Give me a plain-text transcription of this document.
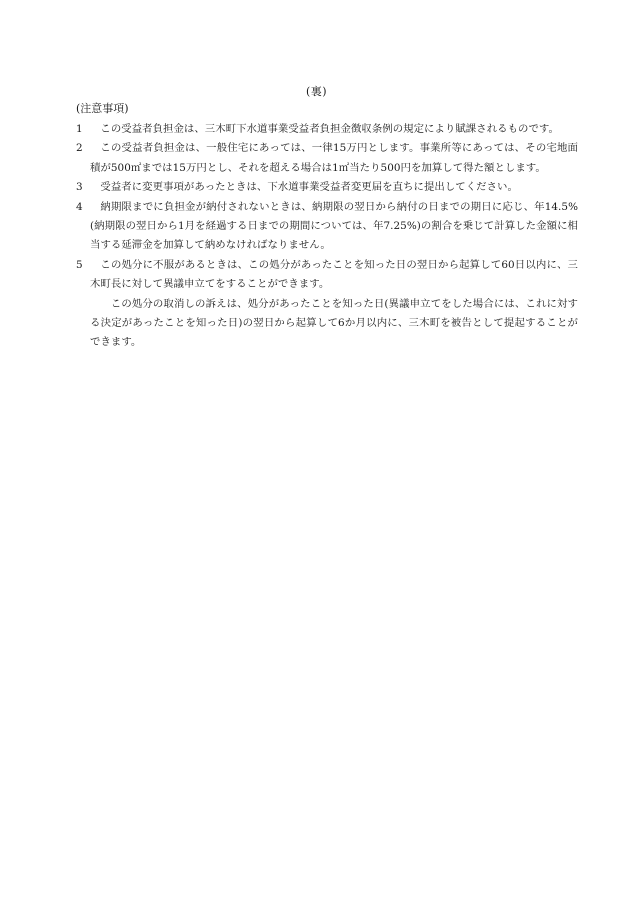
(裏)
(注意事項)
1	この受益者負担金は、三木町下水道事業受益者負担金徴収条例の規定により賦課されるものです。
2	この受益者負担金は、一般住宅にあっては、一律15万円とします。事業所等にあっては、その宅地面積が500㎡までは15万円とし、それを超える場合は1㎡当たり500円を加算して得た額とします。
3	受益者に変更事項があったときは、下水道事業受益者変更届を直ちに提出してください。
4	納期限までに負担金が納付されないときは、納期限の翌日から納付の日までの期日に応じ、年14.5%(納期限の翌日から1月を経過する日までの期間については、年7.25%)の割合を乗じて計算した金額に相当する延滞金を加算して納めなければなりません。
5	この処分に不服があるときは、この処分があったことを知った日の翌日から起算して60日以内に、三木町長に対して異議申立てをすることができます。
この処分の取消しの訴えは、処分があったことを知った日(異議申立てをした場合には、これに対する決定があったことを知った日)の翌日から起算して6か月以内に、三木町を被告として提起することができます。
